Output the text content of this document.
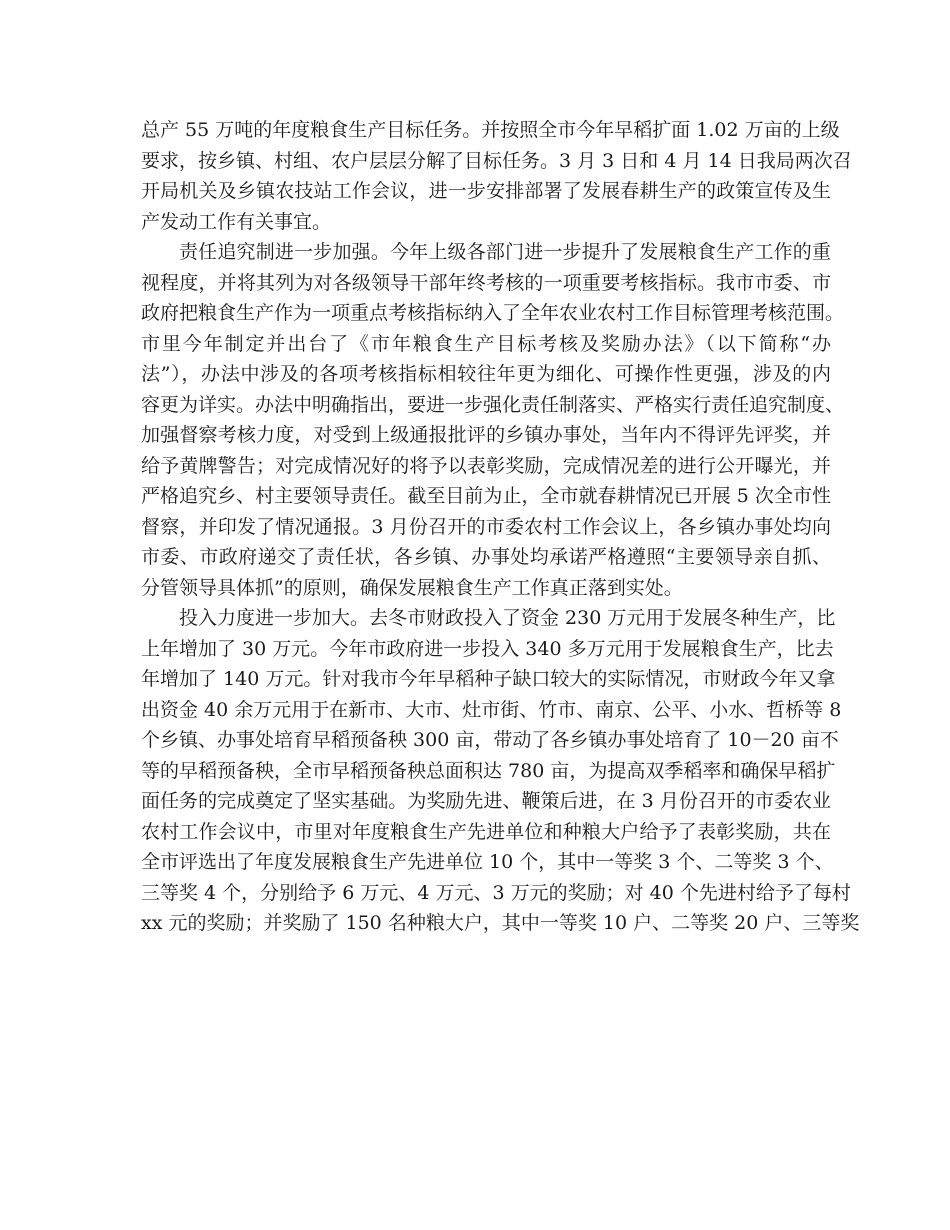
总产 55 万吨的年度粮食生产目标任务。并按照全市今年早稻扩面 1.02 万亩的上级
要求，按乡镇、村组、农户层层分解了目标任务。3 月 3 日和 4 月 14 日我局两次召
开局机关及乡镇农技站工作会议，进一步安排部署了发展春耕生产的政策宣传及生
产发动工作有关事宜。
责任追究制进一步加强。今年上级各部门进一步提升了发展粮食生产工作的重
视程度，并将其列为对各级领导干部年终考核的一项重要考核指标。我市市委、市
政府把粮食生产作为一项重点考核指标纳入了全年农业农村工作目标管理考核范围。
市里今年制定并出台了《市年粮食生产目标考核及奖励办法》（以下简称“办
法”），办法中涉及的各项考核指标相较往年更为细化、可操作性更强，涉及的内
容更为详实。办法中明确指出，要进一步强化责任制落实、严格实行责任追究制度、
加强督察考核力度，对受到上级通报批评的乡镇办事处，当年内不得评先评奖，并
给予黄牌警告；对完成情况好的将予以表彰奖励，完成情况差的进行公开曝光，并
严格追究乡、村主要领导责任。截至目前为止，全市就春耕情况已开展 5 次全市性
督察，并印发了情况通报。3 月份召开的市委农村工作会议上，各乡镇办事处均向
市委、市政府递交了责任状，各乡镇、办事处均承诺严格遵照“主要领导亲自抓、
分管领导具体抓”的原则，确保发展粮食生产工作真正落到实处。
投入力度进一步加大。去冬市财政投入了资金 230 万元用于发展冬种生产，比
上年增加了 30 万元。今年市政府进一步投入 340 多万元用于发展粮食生产，比去
年增加了 140 万元。针对我市今年早稻种子缺口较大的实际情况，市财政今年又拿
出资金 40 余万元用于在新市、大市、灶市街、竹市、南京、公平、小水、哲桥等 8
个乡镇、办事处培育早稻预备秧 300 亩，带动了各乡镇办事处培育了 10－20 亩不
等的早稻预备秧，全市早稻预备秧总面积达 780 亩，为提高双季稻率和确保早稻扩
面任务的完成奠定了坚实基础。为奖励先进、鞭策后进，在 3 月份召开的市委农业
农村工作会议中，市里对年度粮食生产先进单位和种粮大户给予了表彰奖励，共在
全市评选出了年度发展粮食生产先进单位 10 个，其中一等奖 3 个、二等奖 3 个、
三等奖 4 个，分别给予 6 万元、4 万元、3 万元的奖励；对 40 个先进村给予了每村
xx 元的奖励；并奖励了 150 名种粮大户，其中一等奖 10 户、二等奖 20 户、三等奖
